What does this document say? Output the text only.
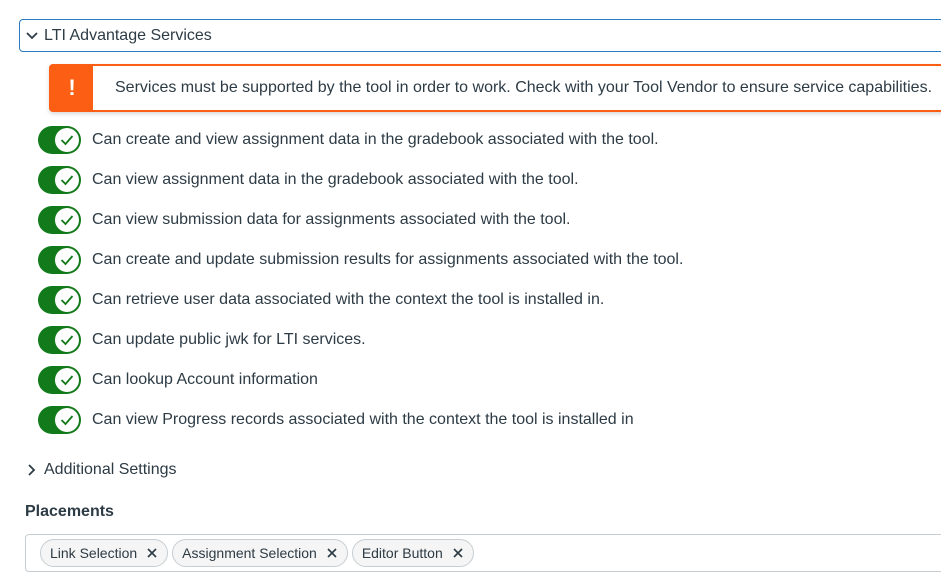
LTI Advantage Services
!	Services must be supported by the tool in order to work. Check with your Tool Vendor to ensure service capabilities.
Can create and view assignment data in the gradebook associated with the tool.
Can view assignment data in the gradebook associated with the tool.
Can view submission data for assignments associated with the tool.
Can create and update submission results for assignments associated with the tool.
Can retrieve user data associated with the context the tool is installed in.
Can update public jwk for LTI services.
Can lookup Account information
Can view Progress records associated with the context the tool is installed in
Additional Settings
Placements
Link Selection	Assignment Selection	Editor Button
